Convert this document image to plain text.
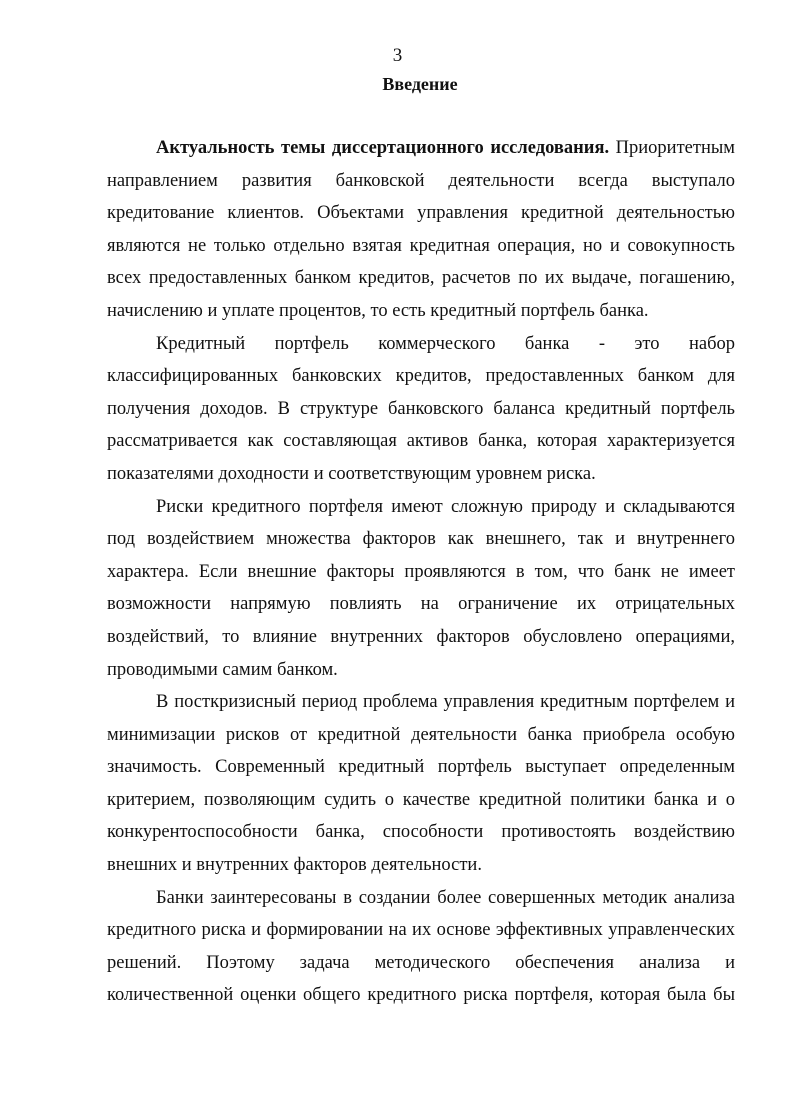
3
Введение

Актуальность темы диссертационного исследования. Приоритетным направлением развития банковской деятельности всегда выступало кредитование клиентов. Объектами управления кредитной деятельностью являются не только отдельно взятая кредитная операция, но и совокупность всех предоставленных банком кредитов, расчетов по их выдаче, погашению, начислению и уплате процентов, то есть кредитный портфель банка.

Кредитный портфель коммерческого банка - это набор классифицированных банковских кредитов, предоставленных банком для получения доходов. В структуре банковского баланса кредитный портфель рассматривается как составляющая активов банка, которая характеризуется показателями доходности и соответствующим уровнем риска.

Риски кредитного портфеля имеют сложную природу и складываются под воздействием множества факторов как внешнего, так и внутреннего характера. Если внешние факторы проявляются в том, что банк не имеет возможности напрямую повлиять на ограничение их отрицательных воздействий, то влияние внутренних факторов обусловлено операциями, проводимыми самим банком.

В посткризисный период проблема управления кредитным портфелем и минимизации рисков от кредитной деятельности банка приобрела особую значимость. Современный кредитный портфель выступает определенным критерием, позволяющим судить о качестве кредитной политики банка и о конкурентоспособности банка, способности противостоять воздействию внешних и внутренних факторов деятельности.

Банки заинтересованы в создании более совершенных методик анализа кредитного риска и формировании на их основе эффективных управленческих решений. Поэтому задача методического обеспечения анализа и количественной оценки общего кредитного риска портфеля, которая была бы
